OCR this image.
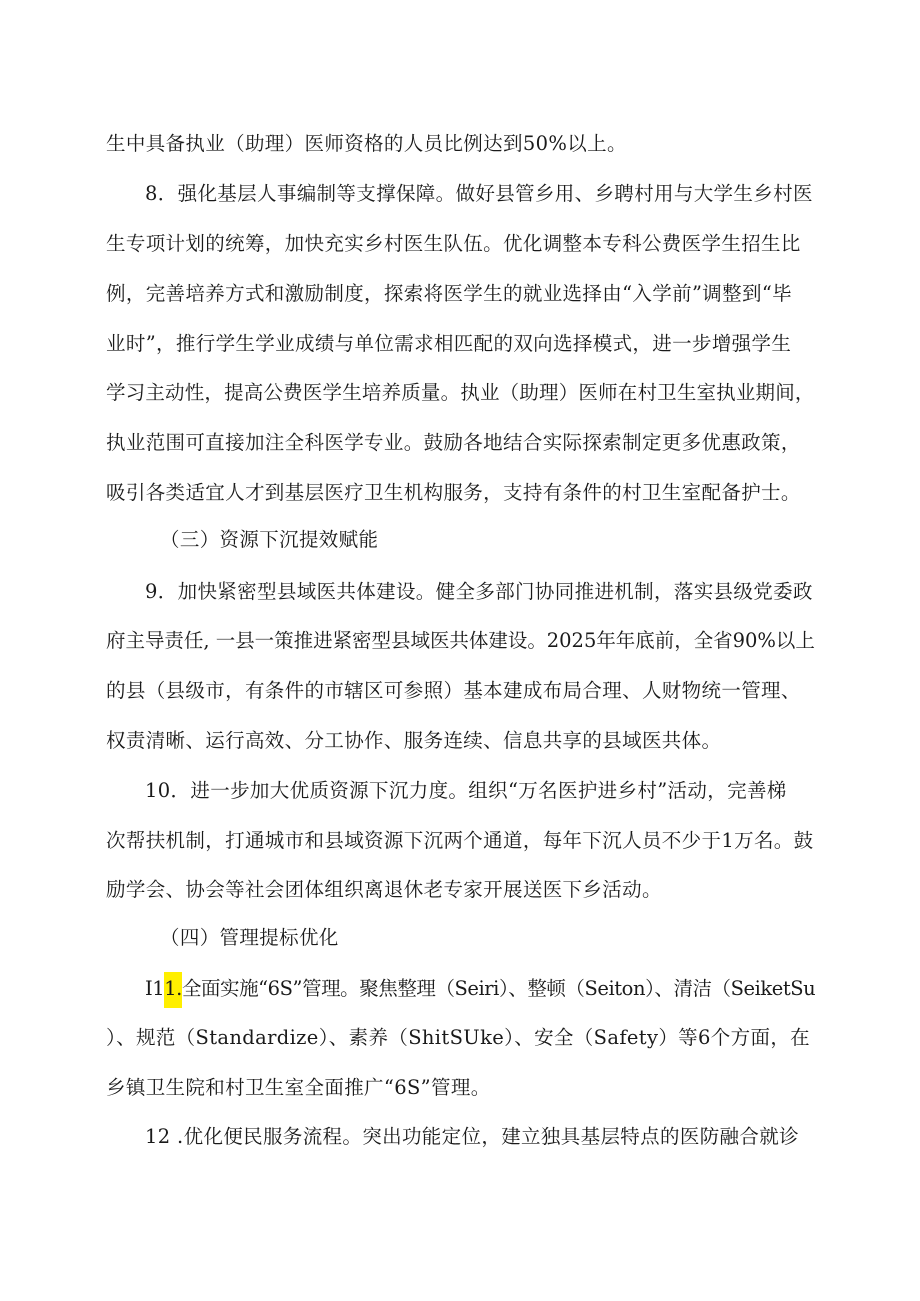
生中具备执业（助理）医师资格的人员比例达到50%以上。
8．强化基层人事编制等支撑保障。做好县管乡用、乡聘村用与大学生乡村医
生专项计划的统筹，加快充实乡村医生队伍。优化调整本专科公费医学生招生比
例，完善培养方式和激励制度，探索将医学生的就业选择由“入学前”调整到“毕
业时”，推行学生学业成绩与单位需求相匹配的双向选择模式，进一步增强学生
学习主动性，提高公费医学生培养质量。执业（助理）医师在村卫生室执业期间，
执业范围可直接加注全科医学专业。鼓励各地结合实际探索制定更多优惠政策，
吸引各类适宜人才到基层医疗卫生机构服务，支持有条件的村卫生室配备护士。
（三）资源下沉提效赋能
9．加快紧密型县域医共体建设。健全多部门协同推进机制，落实县级党委政
府主导责任, 一县一策推进紧密型县域医共体建设。2025年年底前，全省90%以上
的县（县级市，有条件的市辖区可参照）基本建成布局合理、人财物统一管理、
权责清晰、运行高效、分工协作、服务连续、信息共享的县域医共体。
10．进一步加大优质资源下沉力度。组织“万名医护进乡村”活动，完善梯
次帮扶机制，打通城市和县域资源下沉两个通道，每年下沉人员不少于1万名。鼓
励学会、协会等社会团体组织离退休老专家开展送医下乡活动。
（四）管理提标优化
I11.全面实施“6S”管理。聚焦整理（Seiri）、整顿（Seiton）、清洁（SeiketSu
）、规范（Standardize）、素养（ShitSUke）、安全（Safety）等6个方面，在
乡镇卫生院和村卫生室全面推广“6S”管理。
12 .优化便民服务流程。突出功能定位，建立独具基层特点的医防融合就诊
